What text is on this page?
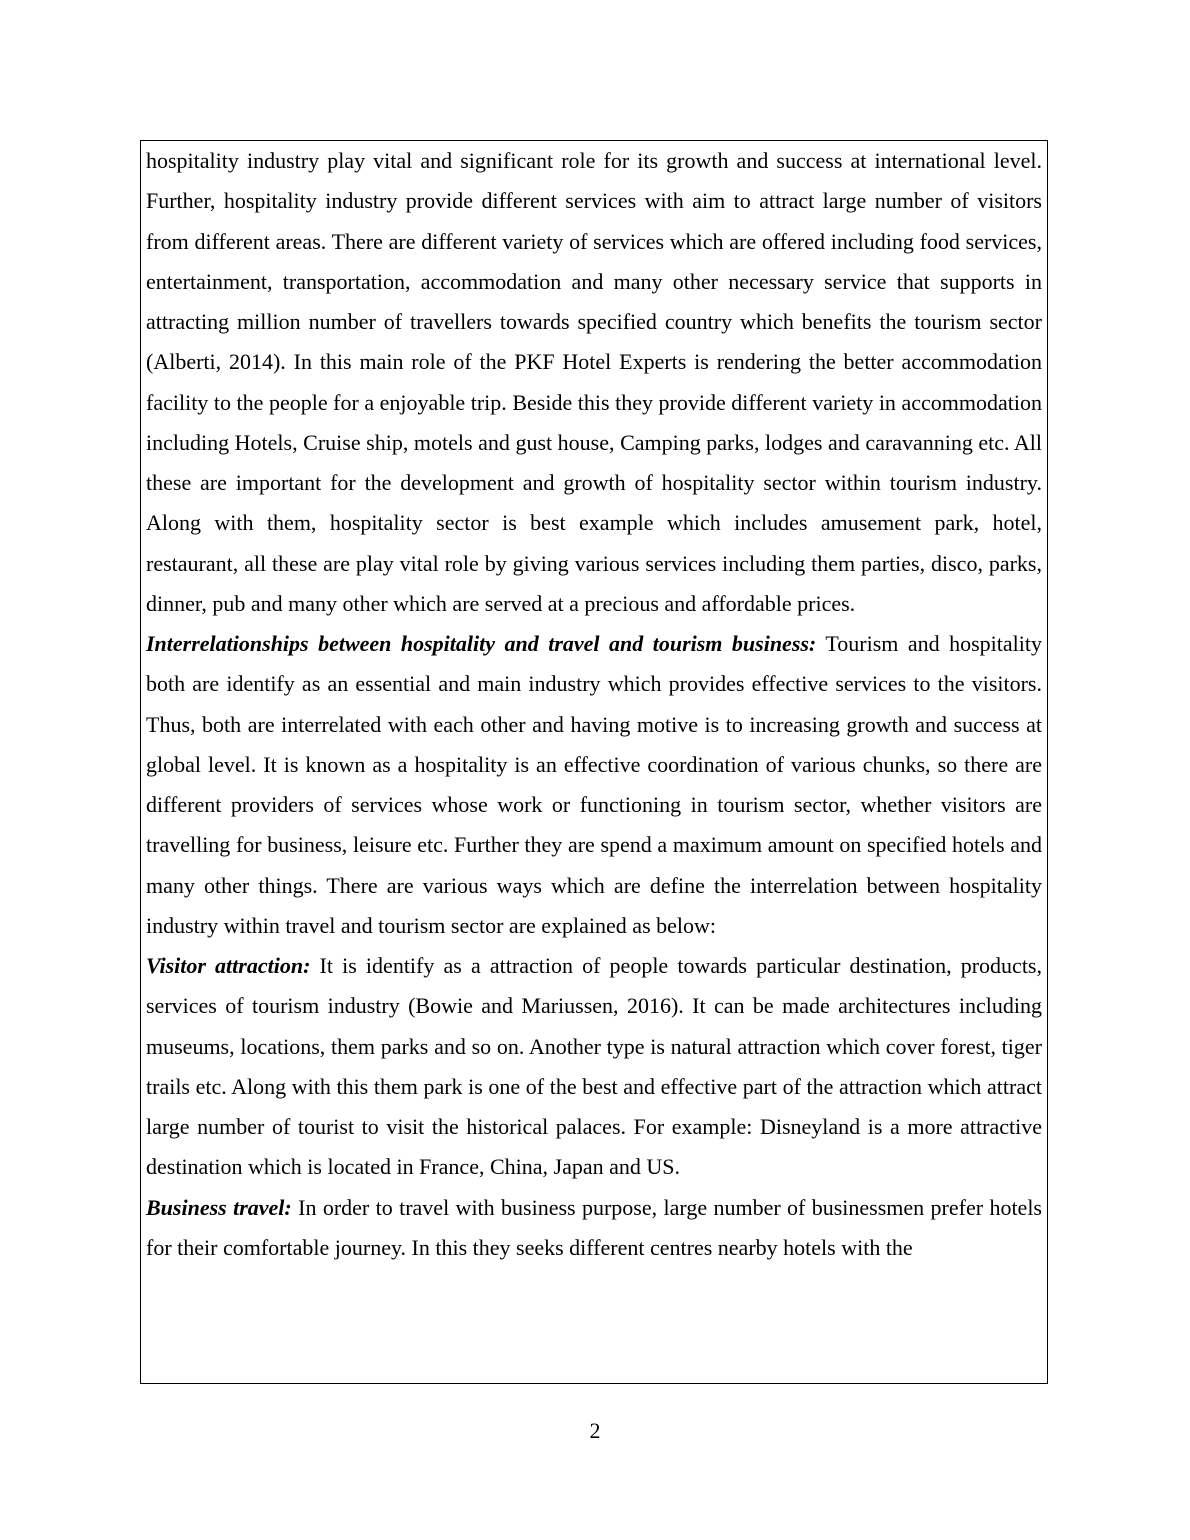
hospitality industry play vital and significant role for its growth and success at international level. Further, hospitality industry provide different services with aim to attract large number of visitors from different areas. There are different variety of services which are offered including food services, entertainment, transportation, accommodation and many other necessary service that supports in attracting million number of travellers towards specified country which benefits the tourism sector (Alberti, 2014). In this main role of the PKF Hotel Experts is rendering the better accommodation facility to the people for a enjoyable trip. Beside this they provide different variety in accommodation including Hotels, Cruise ship, motels and gust house, Camping parks, lodges and caravanning etc. All these are important for the development and growth of hospitality sector within tourism industry. Along with them, hospitality sector is best example which includes amusement park, hotel, restaurant, all these are play vital role by giving various services including them parties, disco, parks, dinner, pub and many other which are served at a precious and affordable prices.

Interrelationships between hospitality and travel and tourism business: Tourism and hospitality both are identify as an essential and main industry which provides effective services to the visitors. Thus, both are interrelated with each other and having motive is to increasing growth and success at global level. It is known as a hospitality is an effective coordination of various chunks, so there are different providers of services whose work or functioning in tourism sector, whether visitors are travelling for business, leisure etc. Further they are spend a maximum amount on specified hotels and many other things. There are various ways which are define the interrelation between hospitality industry within travel and tourism sector are explained as below:

Visitor attraction: It is identify as a attraction of people towards particular destination, products, services of tourism industry (Bowie and Mariussen, 2016). It can be made architectures including museums, locations, them parks and so on. Another type is natural attraction which cover forest, tiger trails etc. Along with this them park is one of the best and effective part of the attraction which attract large number of tourist to visit the historical palaces. For example: Disneyland is a more attractive destination which is located in France, China, Japan and US.

Business travel: In order to travel with business purpose, large number of businessmen prefer hotels for their comfortable journey. In this they seeks different centres nearby hotels with the

2
